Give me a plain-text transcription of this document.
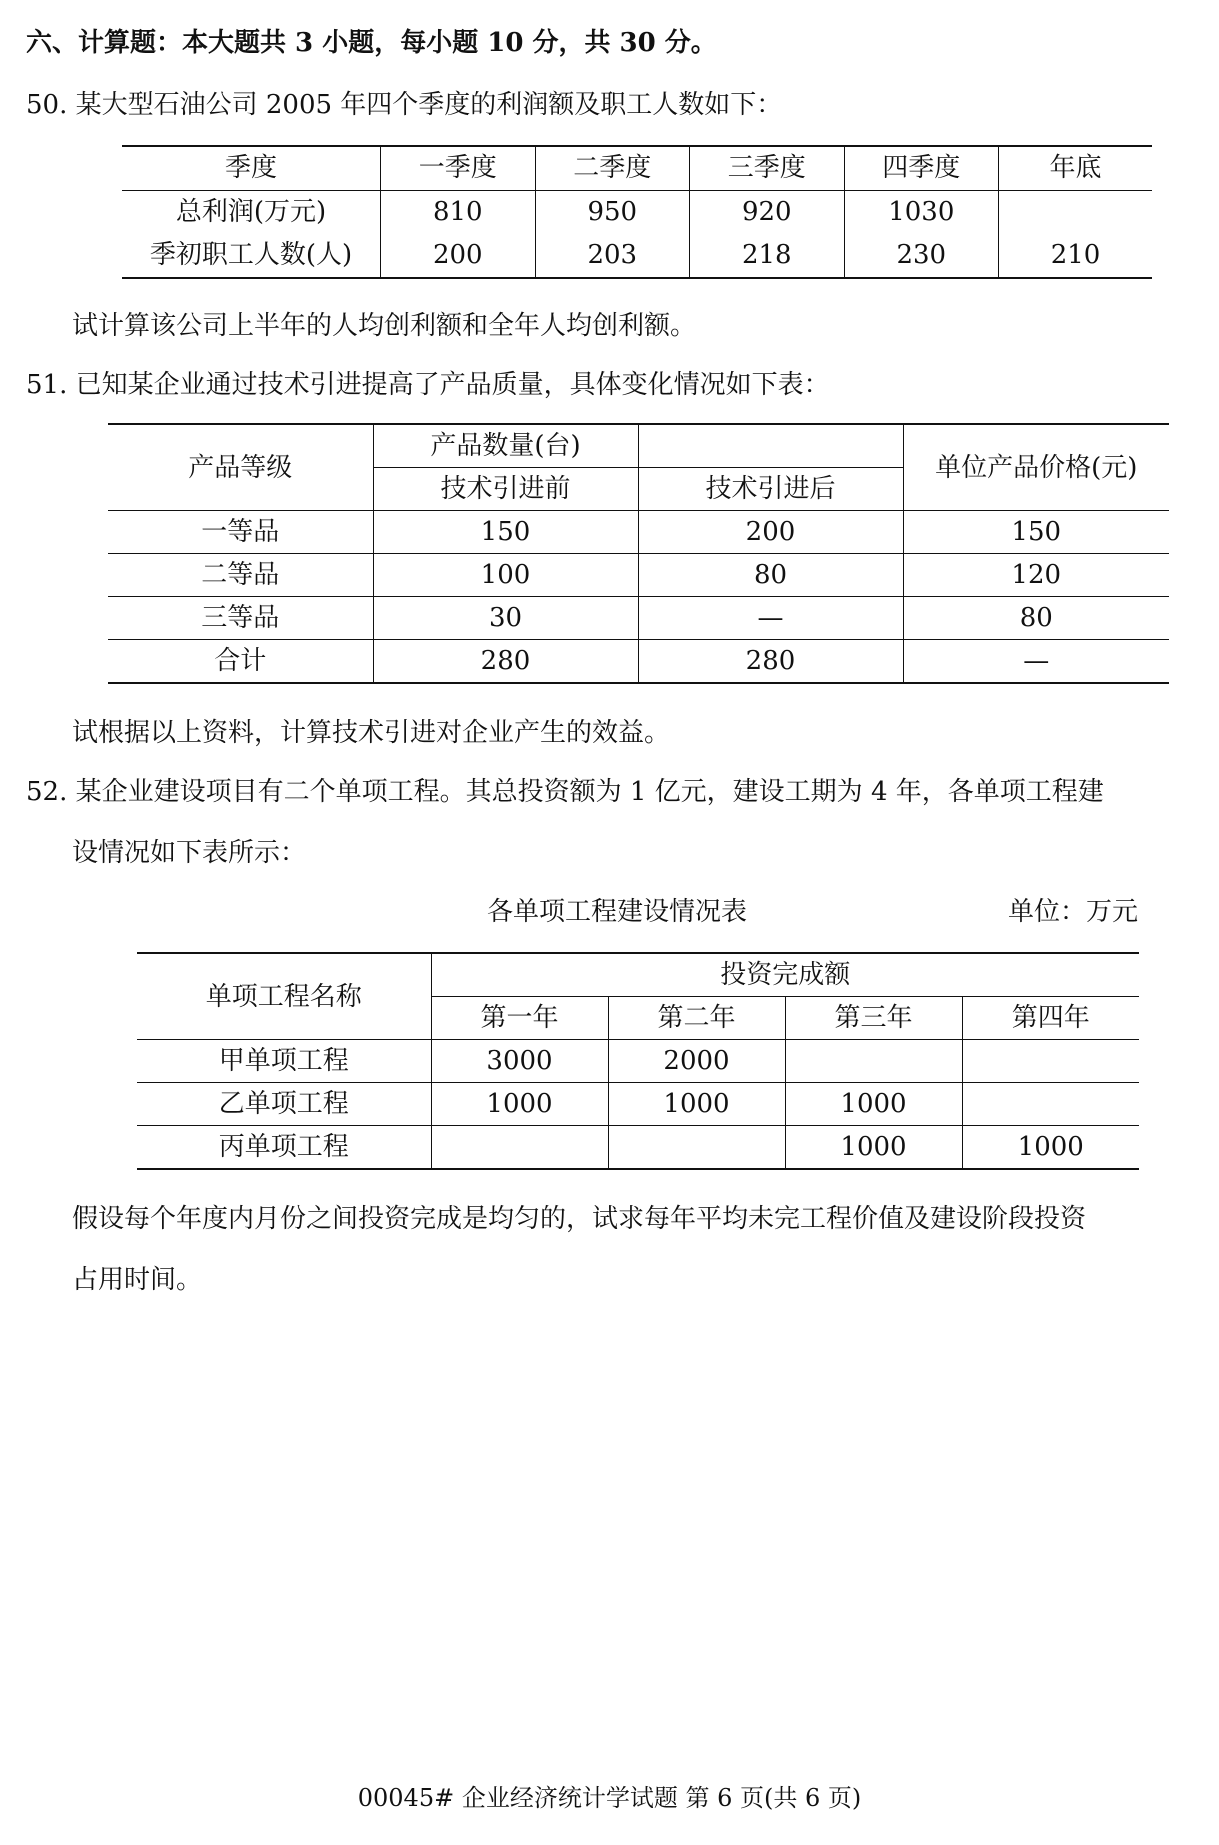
六、计算题：本大题共 3 小题，每小题 10 分，共 30 分。
50. 某大型石油公司 2005 年四个季度的利润额及职工人数如下：
季度	一季度	二季度	三季度	四季度	年底
总利润(万元)	810	950	920	1030	
季初职工人数(人)	200	203	218	230	210
试计算该公司上半年的人均创利额和全年人均创利额。
51. 已知某企业通过技术引进提高了产品质量，具体变化情况如下表：
产品等级	产品数量(台)		单位产品价格(元)
	技术引进前	技术引进后	
一等品	150	200	150
二等品	100	80	120
三等品	30	—	80
合计	280	280	—
试根据以上资料，计算技术引进对企业产生的效益。
52. 某企业建设项目有二个单项工程。其总投资额为 1 亿元，建设工期为 4 年，各单项工程建
设情况如下表所示：
各单项工程建设情况表	单位：万元
单项工程名称	投资完成额			
	第一年	第二年	第三年	第四年
甲单项工程	3000	2000		
乙单项工程	1000	1000	1000	
丙单项工程			1000	1000
假设每个年度内月份之间投资完成是均匀的，试求每年平均未完工程价值及建设阶段投资
占用时间。
00045# 企业经济统计学试题 第 6 页(共 6 页)
